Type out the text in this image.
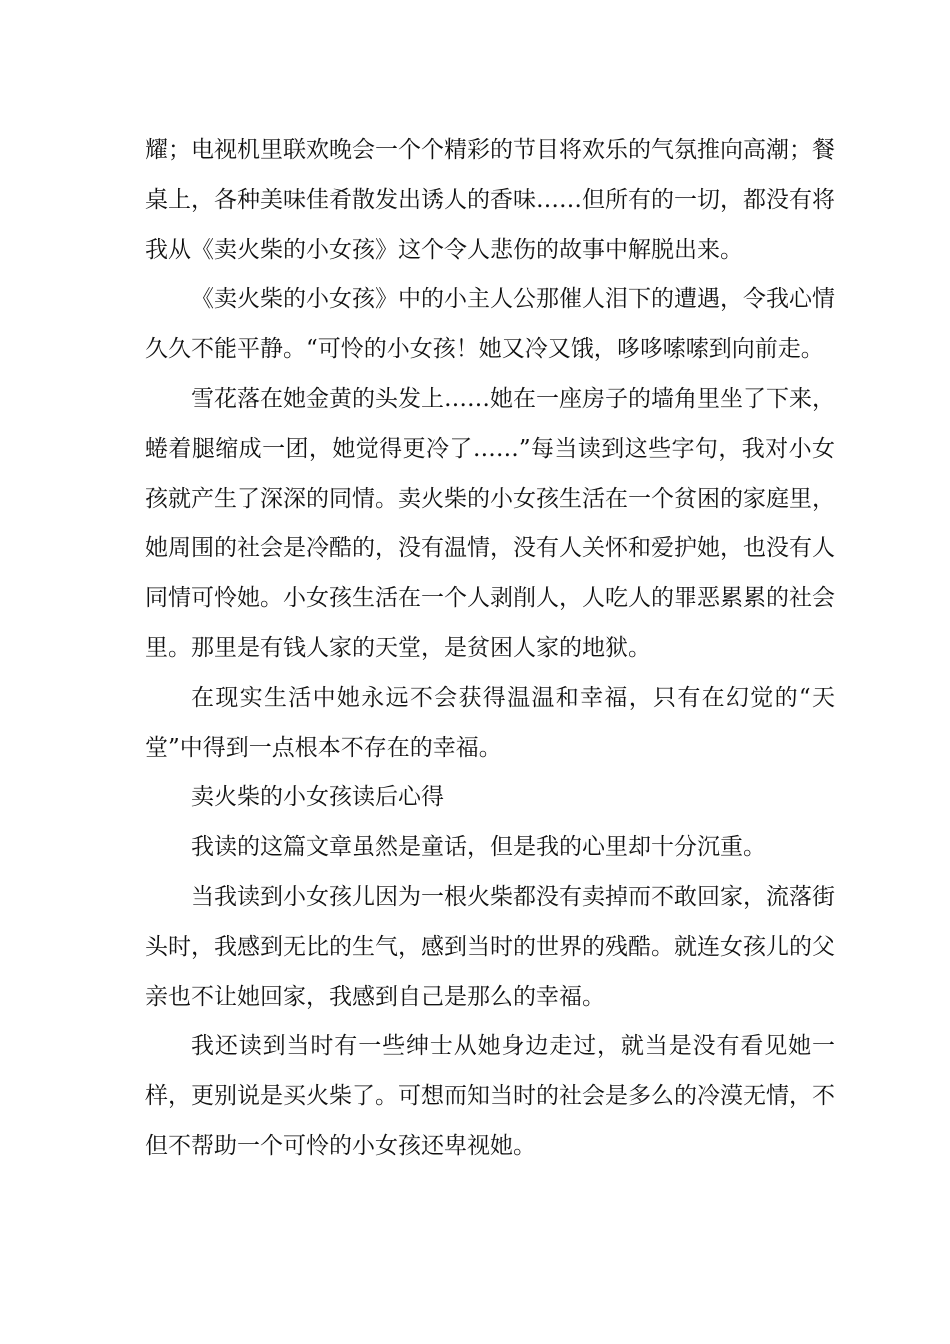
耀；电视机里联欢晚会一个个精彩的节目将欢乐的气氛推向高潮；餐桌上，各种美味佳肴散发出诱人的香味……但所有的一切，都没有将我从《卖火柴的小女孩》这个令人悲伤的故事中解脱出来。

《卖火柴的小女孩》中的小主人公那催人泪下的遭遇，令我心情久久不能平静。“可怜的小女孩！她又冷又饿，哆哆嗦嗦到向前走。

雪花落在她金黄的头发上……她在一座房子的墙角里坐了下来，蜷着腿缩成一团，她觉得更冷了……”每当读到这些字句，我对小女孩就产生了深深的同情。卖火柴的小女孩生活在一个贫困的家庭里，她周围的社会是冷酷的，没有温情，没有人关怀和爱护她，也没有人同情可怜她。小女孩生活在一个人剥削人，人吃人的罪恶累累的社会里。那里是有钱人家的天堂，是贫困人家的地狱。

在现实生活中她永远不会获得温温和幸福，只有在幻觉的“天堂”中得到一点根本不存在的幸福。

卖火柴的小女孩读后心得

我读的这篇文章虽然是童话，但是我的心里却十分沉重。

当我读到小女孩儿因为一根火柴都没有卖掉而不敢回家，流落街头时，我感到无比的生气，感到当时的世界的残酷。就连女孩儿的父亲也不让她回家，我感到自己是那么的幸福。

我还读到当时有一些绅士从她身边走过，就当是没有看见她一样，更别说是买火柴了。可想而知当时的社会是多么的冷漠无情，不但不帮助一个可怜的小女孩还卑视她。
